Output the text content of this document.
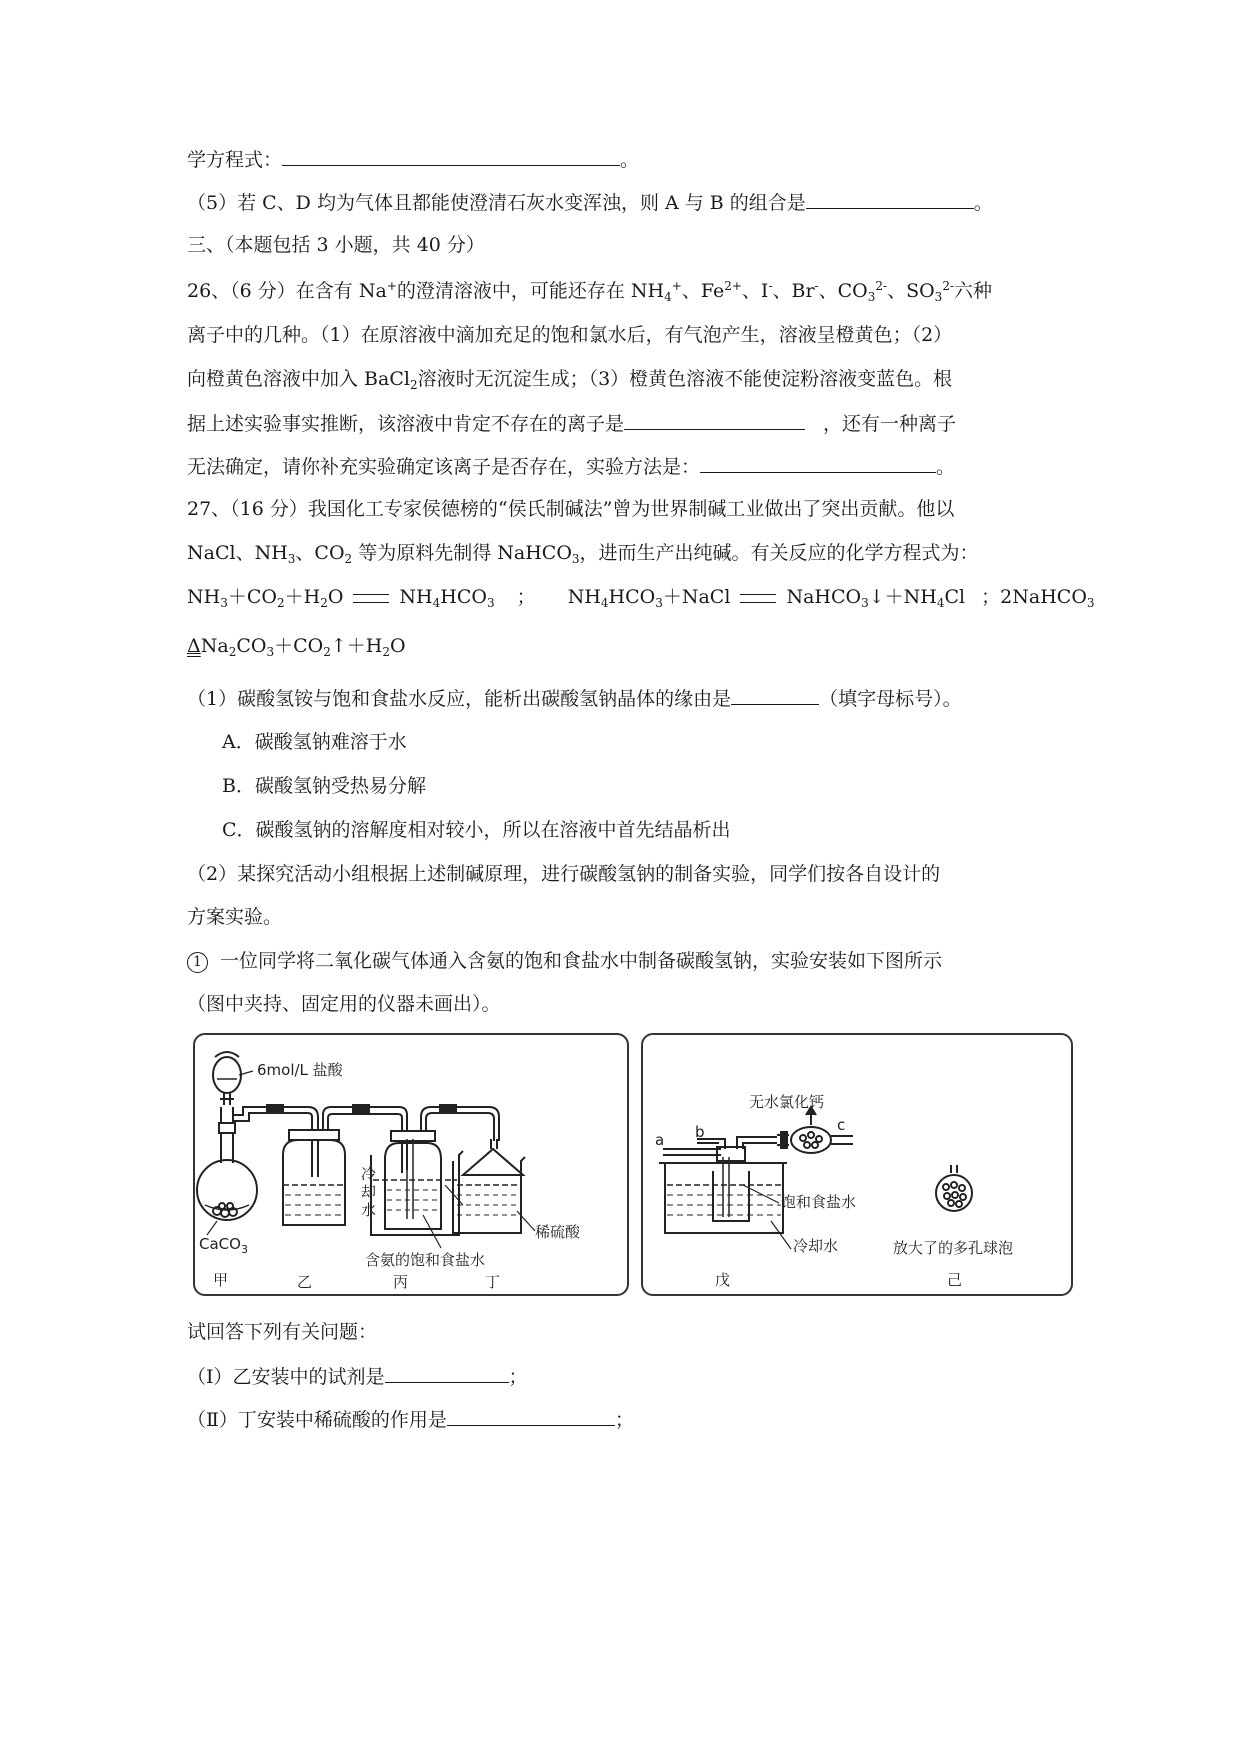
学方程式：	。
（5）若 C、D 均为气体且都能使澄清石灰水变浑浊，则 A 与 B 的组合是	。
三、（本题包括 3 小题，共 40 分）
26、（6 分）在含有 Na+的澄清溶液中，可能还存在 $NH_4^+$、$Fe^{2+}$、I-、Br-、$CO_3^{2-}$、$SO_3^{2-}$六种
离子中的几种。（1）在原溶液中滴加充足的饱和氯水后，有气泡产生，溶液呈橙黄色；（2）
向橙黄色溶液中加入 BaCl$_2$溶液时无沉淀生成；（3）橙黄色溶液不能使淀粉溶液变蓝色。根
据上述实验事实推断，该溶液中肯定不存在的离子是	，还有一种离子
无法确定，请你补充实验确定该离子是否存在，实验方法是：	。
27、（16 分）我国化工专家侯德榜的“侯氏制碱法”曾为世界制碱工业做出了突出贡献。他以
NaCl、$NH_3$、$CO_2$ 等为原料先制得 NaHCO$_3$，进而生产出纯碱。有关反应的化学方程式为：
$NH_3+CO_2+H_2O$	$NH_4HCO_3$ ； $NH_4HCO_3+NaCl$	$NaHCO_3↓+NH_4Cl$ ；2NaHCO$_3$
$\Delta Na_2CO_3+CO_2↑+H_2O$
（1）碳酸氢铵与饱和食盐水反应，能析出碳酸氢钠晶体的缘由是	（填字母标号）。
A．碳酸氢钠难溶于水
B．碳酸氢钠受热易分解
C．碳酸氢钠的溶解度相对较小，所以在溶液中首先结晶析出
（2）某探究活动小组根据上述制碱原理，进行碳酸氢钠的制备实验，同学们按各自设计的
方案实验。
1 一位同学将二氧化碳气体通入含氨的饱和食盐水中制备碳酸氢钠，实验安装如下图所示
（图中夹持、固定用的仪器未画出）。
6mol/L 盐酸
CaCO$_3$
冷却水
含氨的饱和食盐水
稀硫酸
甲	乙	丙	丁
无水氯化钙
a b	c
饱和食盐水
冷却水	放大了的多孔球泡
戊	己
试回答下列有关问题：
（Ⅰ）乙安装中的试剂是	；
（Ⅱ）丁安装中稀硫酸的作用是	；
